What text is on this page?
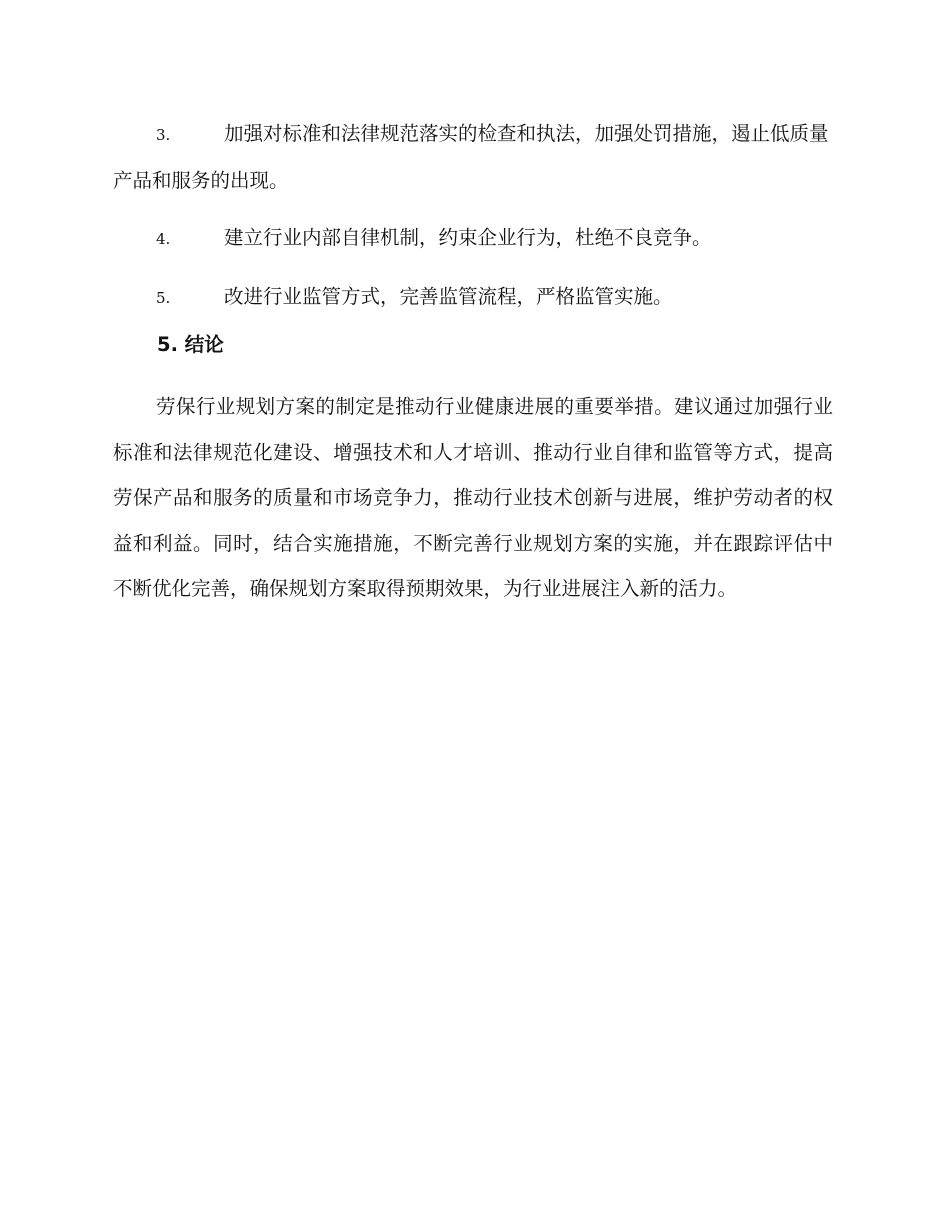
3.	加强对标准和法律规范落实的检查和执法，加强处罚措施，遏止低质量产品和服务的出现。

4.	建立行业内部自律机制，约束企业行为，杜绝不良竞争。

5.	改进行业监管方式，完善监管流程，严格监管实施。

5. 结论

劳保行业规划方案的制定是推动行业健康进展的重要举措。建议通过加强行业标准和法律规范化建设、增强技术和人才培训、推动行业自律和监管等方式，提高劳保产品和服务的质量和市场竞争力，推动行业技术创新与进展，维护劳动者的权益和利益。同时，结合实施措施，不断完善行业规划方案的实施，并在跟踪评估中不断优化完善，确保规划方案取得预期效果，为行业进展注入新的活力。
